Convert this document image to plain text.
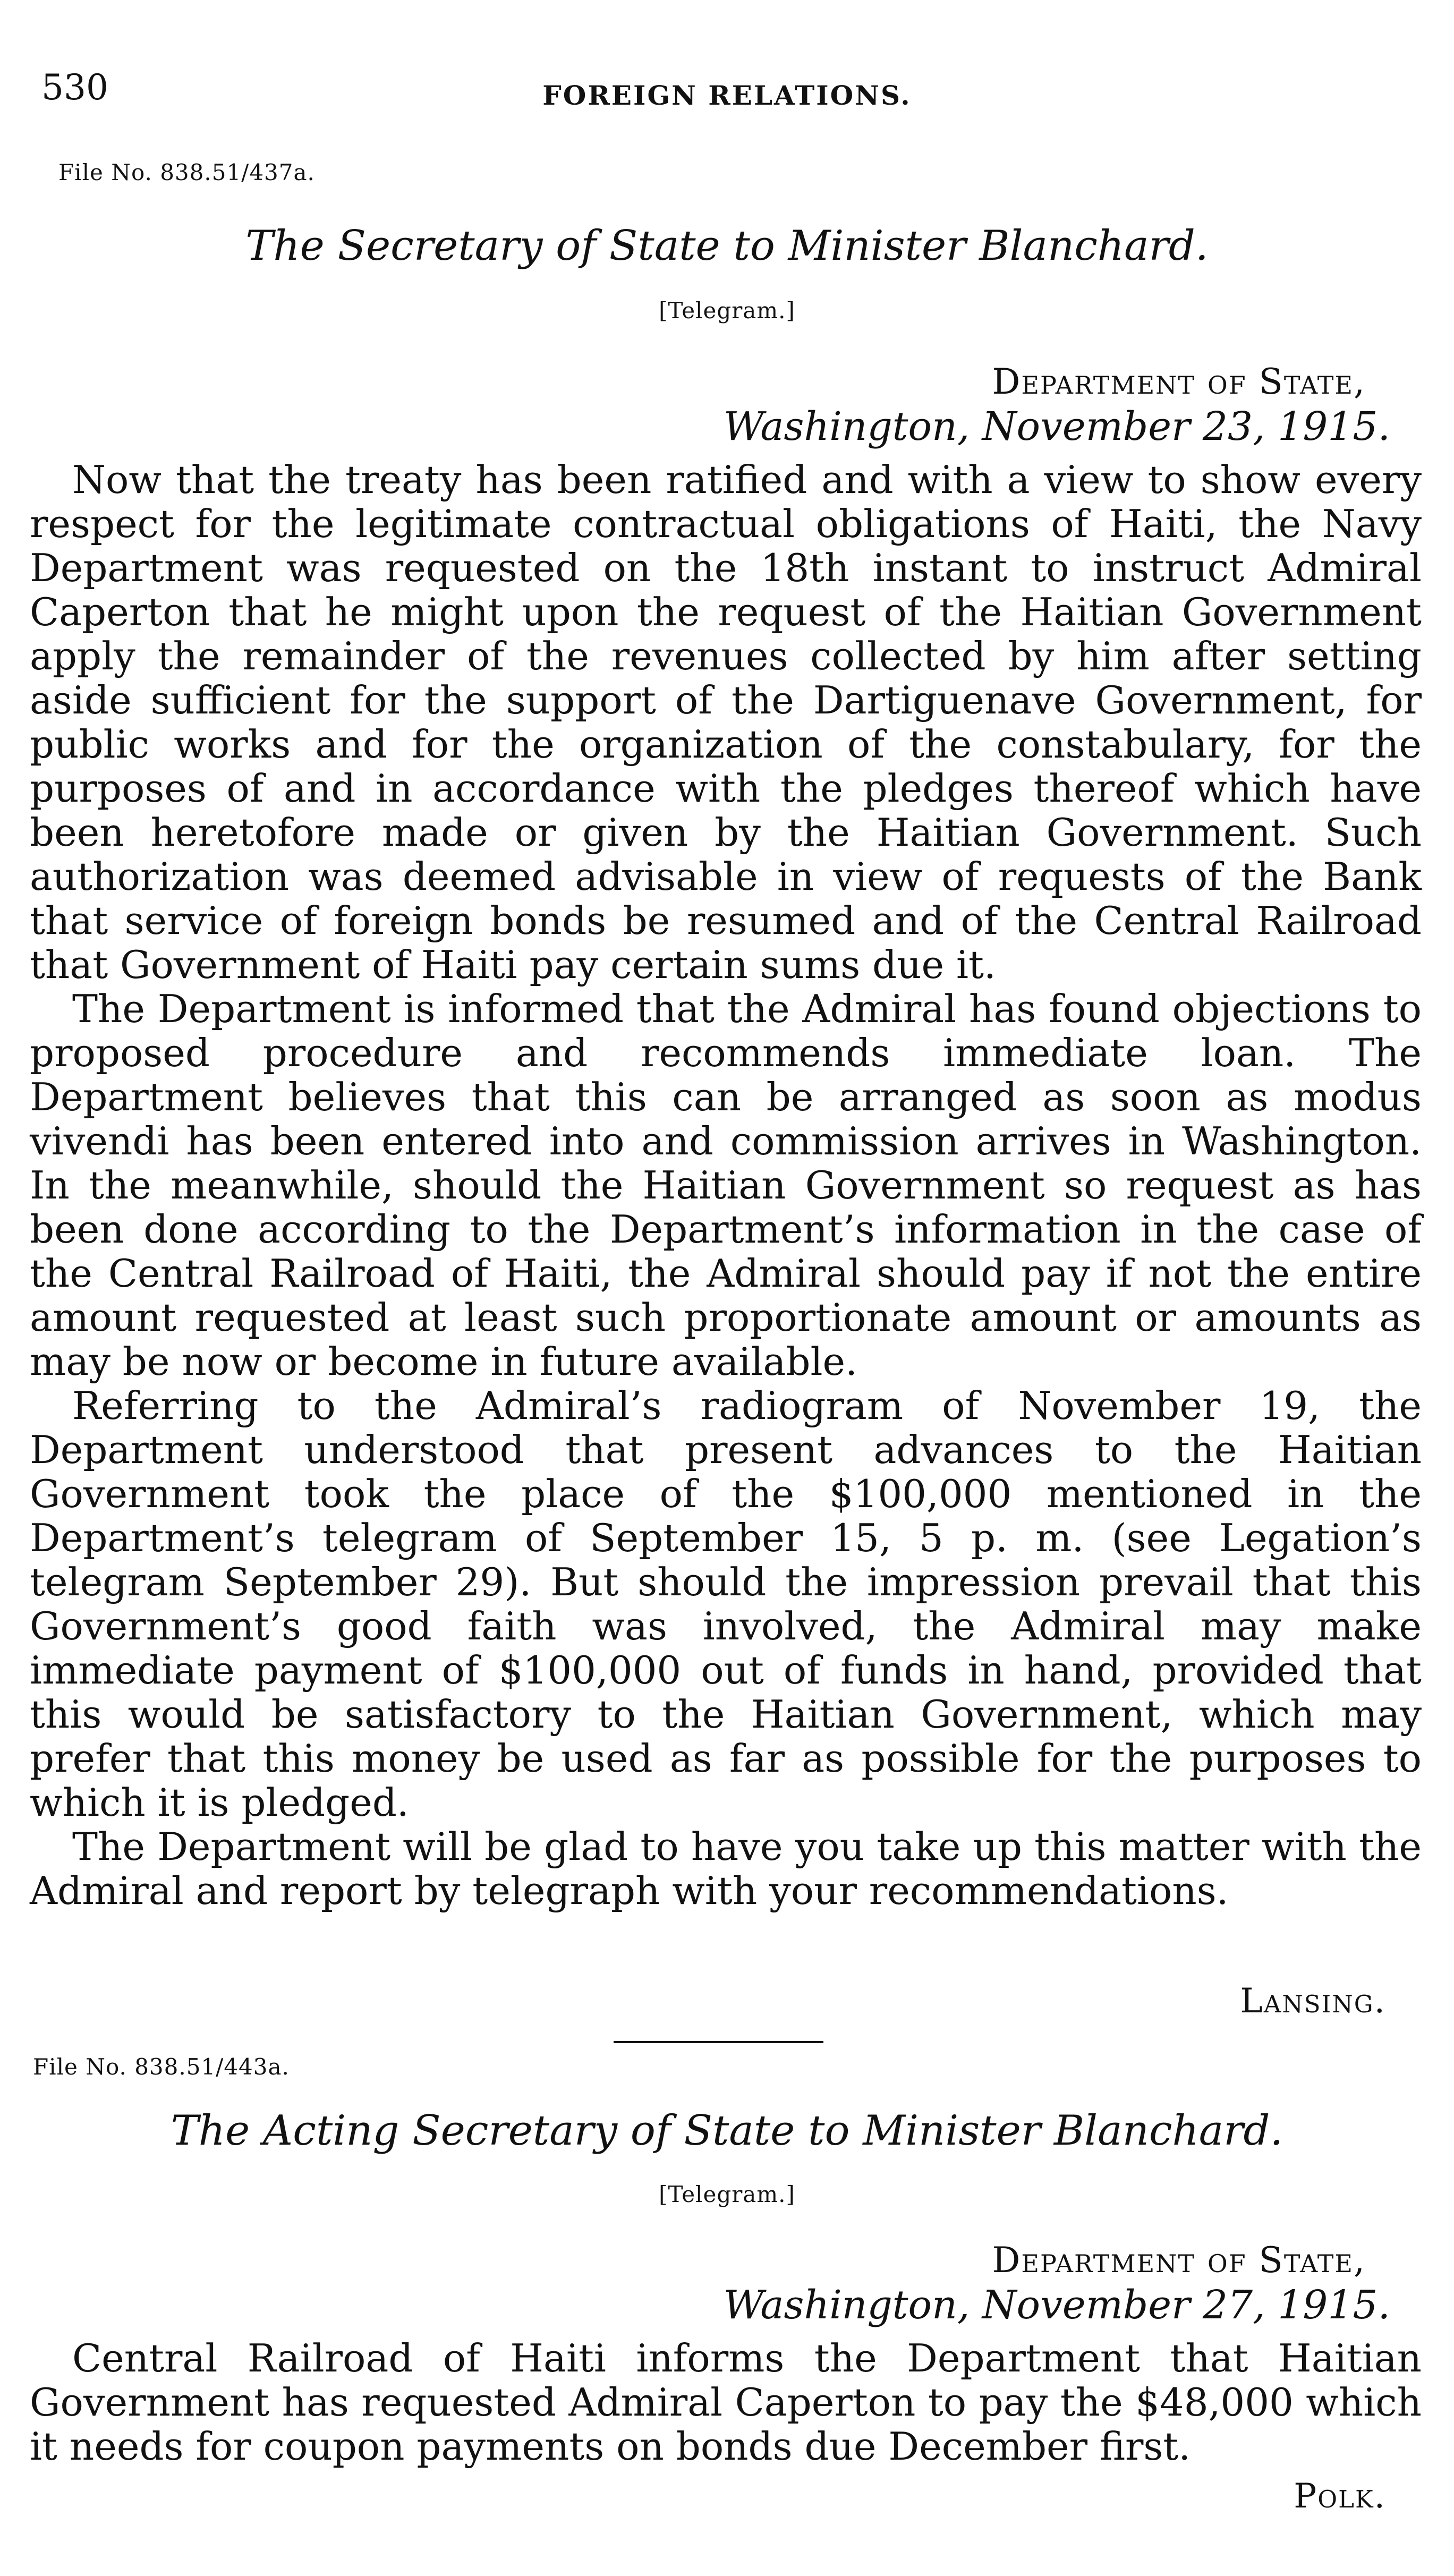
530	FOREIGN RELATIONS.
File No. 838.51/437a.
The Secretary of State to Minister Blanchard.
[Telegram.]
Department of State,
Washington, November 23, 1915.

Now that the treaty has been ratified and with a view to show every respect for the legitimate contractual obligations of Haiti, the Navy Department was requested on the 18th instant to instruct Admiral Caperton that he might upon the request of the Haitian Government apply the remainder of the revenues collected by him after setting aside sufficient for the support of the Dartiguenave Government, for public works and for the organization of the constabulary, for the purposes of and in accordance with the pledges thereof which have been heretofore made or given by the Haitian Government. Such authorization was deemed advisable in view of requests of the Bank that service of foreign bonds be resumed and of the Central Railroad that Government of Haiti pay certain sums due it.

The Department is informed that the Admiral has found objections to proposed procedure and recommends immediate loan. The Department believes that this can be arranged as soon as modus vivendi has been entered into and commission arrives in Washington. In the meanwhile, should the Haitian Government so request as has been done according to the Department’s information in the case of the Central Railroad of Haiti, the Admiral should pay if not the entire amount requested at least such proportionate amount or amounts as may be now or become in future available.

Referring to the Admiral’s radiogram of November 19, the Department understood that present advances to the Haitian Government took the place of the $100,000 mentioned in the Department’s telegram of September 15, 5 p. m. (see Legation’s telegram September 29). But should the impression prevail that this Government’s good faith was involved, the Admiral may make immediate payment of $100,000 out of funds in hand, provided that this would be satisfactory to the Haitian Government, which may prefer that this money be used as far as possible for the purposes to which it is pledged.

The Department will be glad to have you take up this matter with the Admiral and report by telegraph with your recommendations.

Lansing.
File No. 838.51/443a.
The Acting Secretary of State to Minister Blanchard.
[Telegram.]
Department of State,
Washington, November 27, 1915.

Central Railroad of Haiti informs the Department that Haitian Government has requested Admiral Caperton to pay the $48,000 which it needs for coupon payments on bonds due December first.

Polk.
